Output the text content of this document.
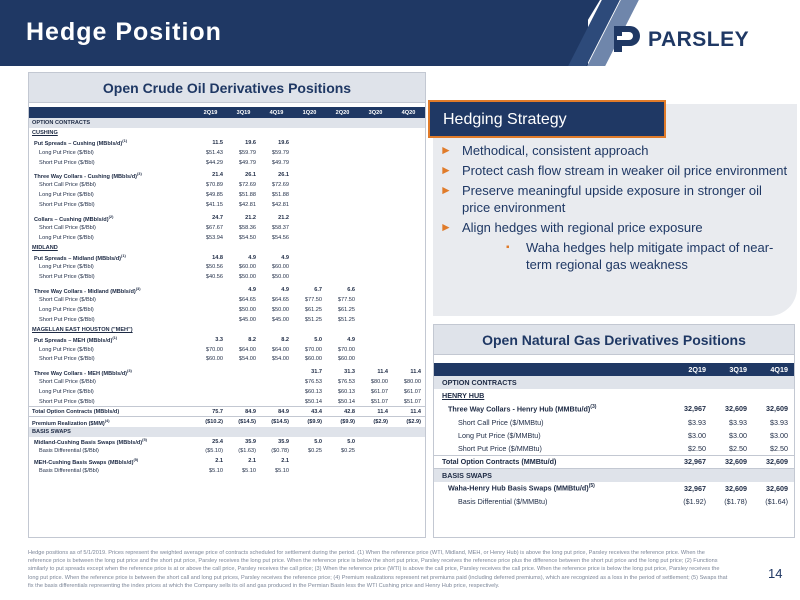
Hedge Position	PARSLEY
Open Crude Oil Derivatives Positions
	2Q19	3Q19	4Q19	1Q20	2Q20	3Q20	4Q20
OPTION CONTRACTS							
CUSHING							
Put Spreads – Cushing (MBbls/d)$^{(1)}$	11.5	19.6	19.6				
Long Put Price ($/Bbl)	$51.43	$59.79	$59.79				
Short Put Price ($/Bbl)	$44.29	$49.79	$49.79				

Three Way Collars - Cushing (MBbls/d)$^{(3)}$	21.4	26.1	26.1				
Short Call Price ($/Bbl)	$70.89	$72.69	$72.69				
Long Put Price ($/Bbl)	$49.85	$51.88	$51.88				
Short Put Price ($/Bbl)	$41.15	$42.81	$42.81				

Collars – Cushing (MBbls/d)$^{(2)}$	24.7	21.2	21.2				
Short Call Price ($/Bbl)	$67.67	$58.36	$58.37				
Long Put Price ($/Bbl)	$53.94	$54.50	$54.56				
MIDLAND							
Put Spreads – Midland (MBbls/d)$^{(1)}$	14.8	4.9	4.9				
Long Put Price ($/Bbl)	$50.56	$60.00	$60.00				
Short Put Price ($/Bbl)	$40.56	$50.00	$50.00				

Three Way Collars - Midland (MBbls/d)$^{(3)}$		4.9	4.9	6.7	6.6		
Short Call Price ($/Bbl)		$64.65	$64.65	$77.50	$77.50		
Long Put Price ($/Bbl)		$50.00	$50.00	$61.25	$61.25		
Short Put Price ($/Bbl)		$45.00	$45.00	$51.25	$51.25		
MAGELLAN EAST HOUSTON ("MEH")							
Put Spreads – MEH (MBbls/d)$^{(1)}$	3.3	8.2	8.2	5.0	4.9		
Long Put Price ($/Bbl)	$70.00	$64.00	$64.00	$70.00	$70.00		
Short Put Price ($/Bbl)	$60.00	$54.00	$54.00	$60.00	$60.00		

Three Way Collars - MEH (MBbls/d)$^{(3)}$				31.7	31.3	11.4	11.4
Short Call Price ($/Bbl)				$76.53	$76.53	$80.00	$80.00
Long Put Price ($/Bbl)				$60.13	$60.13	$61.07	$61.07
Short Put Price ($/Bbl)				$50.14	$50.14	$51.07	$51.07
Total Option Contracts (MBbls/d)	75.7	84.9	84.9	43.4	42.8	11.4	11.4
Premium Realization ($MM)$^{(4)}$	($10.2)	($14.5)	($14.5)	($9.9)	($9.9)	($2.9)	($2.9)
BASIS SWAPS							
Midland-Cushing Basis Swaps (MBbls/d)$^{(5)}$	25.4	35.9	35.9	5.0	5.0		
Basis Differential ($/Bbl)	($5.10)	($1.63)	($0.78)	$0.25	$0.25		
MEH-Cushing Basis Swaps (MBbls/d)$^{(5)}$	2.1	2.1	2.1				
Basis Differential ($/Bbl)	$5.10	$5.10	$5.10				
Hedging Strategy
► Methodical, consistent approach
► Protect cash flow stream in weaker oil price environment
► Preserve meaningful upside exposure in stronger oil price environment
► Align hedges with regional price exposure
▪ Waha hedges help mitigate impact of near-term regional gas weakness
Open Natural Gas Derivatives Positions
	2Q19	3Q19	4Q19
OPTION CONTRACTS			
HENRY HUB			
Three Way Collars - Henry Hub (MMBtu/d)$^{(3)}$	32,967	32,609	32,609
Short Call Price ($/MMBtu)	$3.93	$3.93	$3.93
Long Put Price ($/MMBtu)	$3.00	$3.00	$3.00
Short Put Price ($/MMBtu)	$2.50	$2.50	$2.50
Total Option Contracts (MMBtu/d)	32,967	32,609	32,609
BASIS SWAPS			
Waha-Henry Hub Basis Swaps (MMBtu/d)$^{(5)}$	32,967	32,609	32,609
Basis Differential ($/MMBtu)	($1.92)	($1.78)	($1.64)
Hedge positions as of 5/1/2019. Prices represent the weighted average price of contracts scheduled for settlement during the period. (1) When the reference price (WTI, Midland, MEH, or Henry Hub) is above the long put price, Parsley receives the reference price. When the reference price is between the long put price and the short put price, Parsley receives the long put price. When the reference price is below the short put price, Parsley receives the reference price plus the difference between the short put price and the long put price; (2) Functions similarly to put spreads except when the reference price is at or above the call price, Parsley receives the call price; (3) When the reference price (WTI) is above the call price, Parsley receives the call price. When the reference price is below the long put price, Parsley receives the long put price. When the reference price is between the short call and long put prices, Parsley receives the reference price; (4) Premium realizations represent net premiums paid (including deferred premiums), which are recognized as a loss in the period of settlement; (5) Swaps that fix the basis differentials representing the index prices at which the Company sells its oil and gas produced in the Permian Basin less the WTI Cushing price and Henry Hub price, respectively.
14
